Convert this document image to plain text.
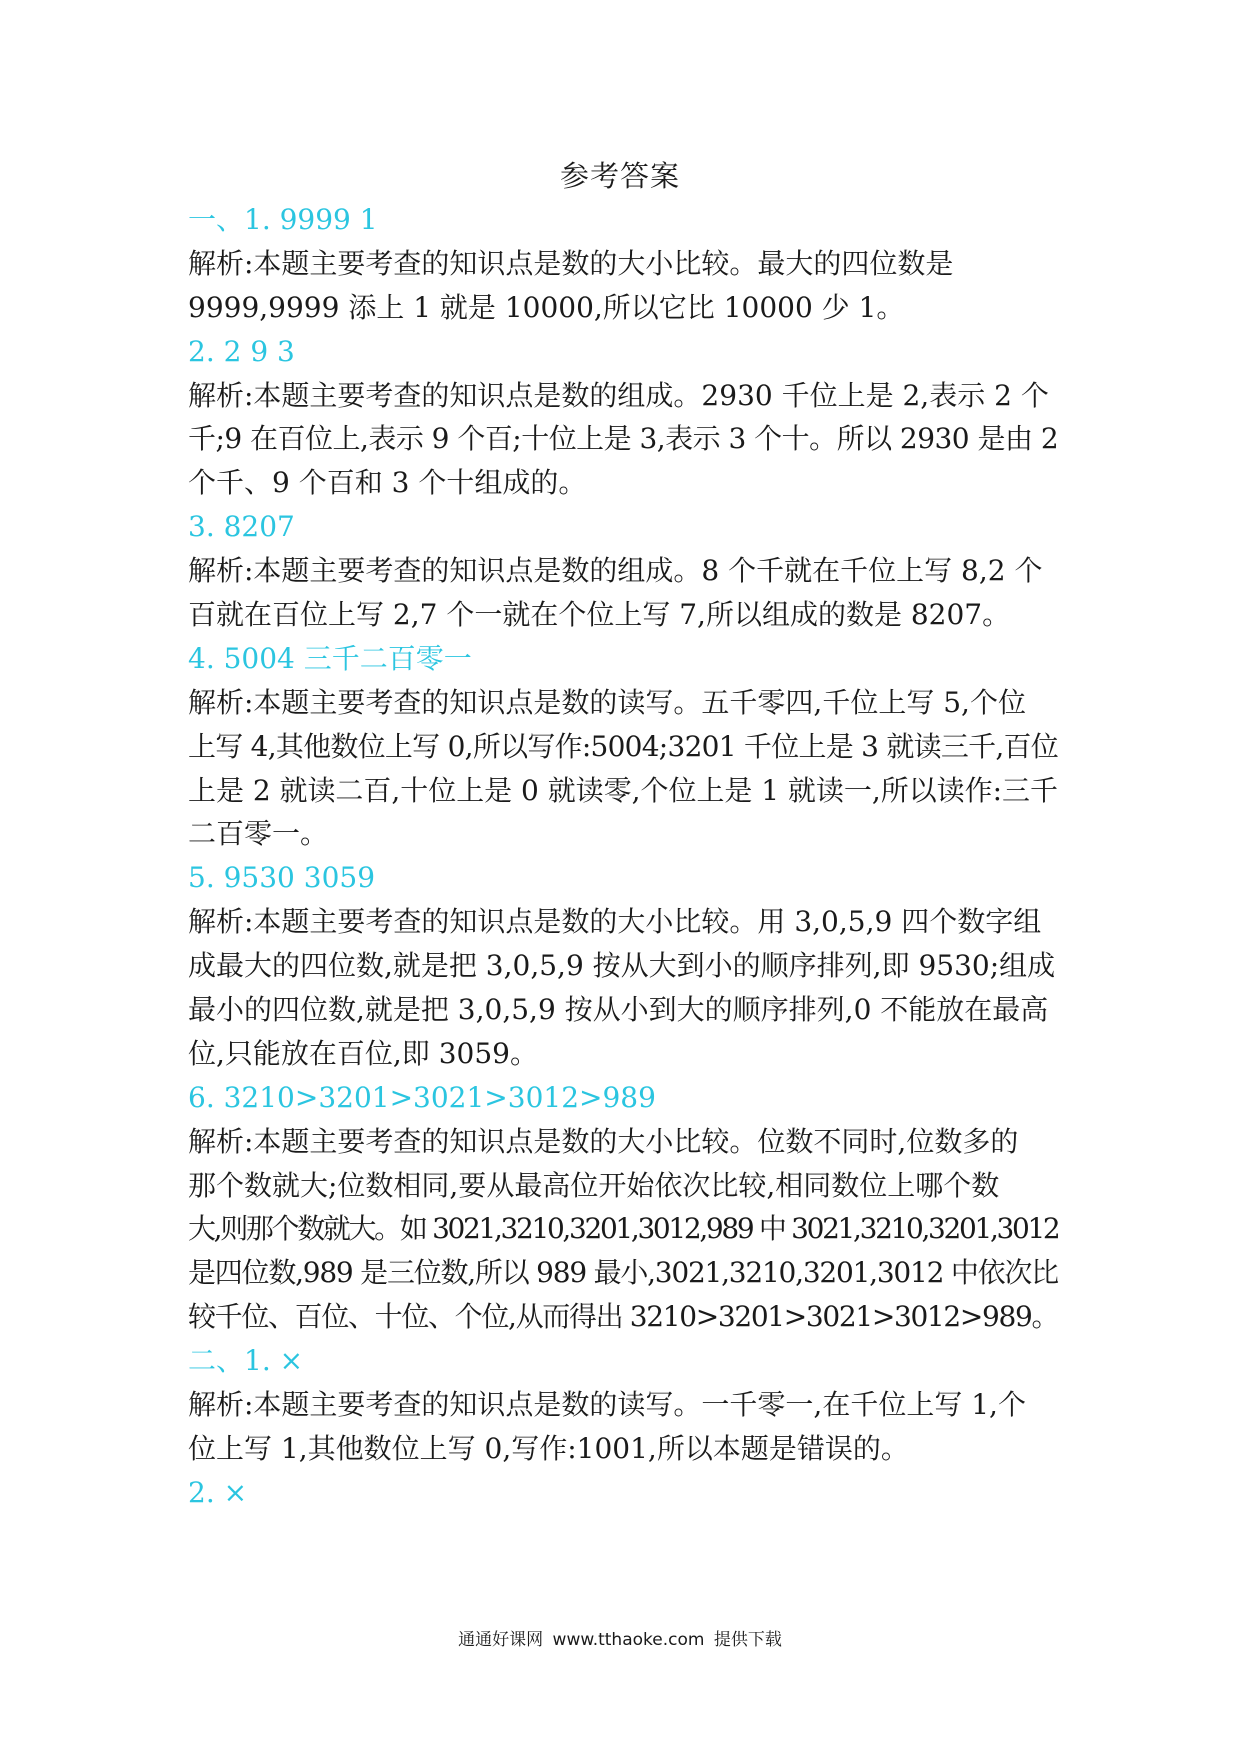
参考答案
一、1. 9999 1
解析:本题主要考查的知识点是数的大小比较。最大的四位数是
9999,9999 添上 1 就是 10000,所以它比 10000 少 1。
2. 2 9 3
解析:本题主要考查的知识点是数的组成。2930 千位上是 2,表示 2 个
千;9 在百位上,表示 9 个百;十位上是 3,表示 3 个十。所以 2930 是由 2
个千、9 个百和 3 个十组成的。
3. 8207
解析:本题主要考查的知识点是数的组成。8 个千就在千位上写 8,2 个
百就在百位上写 2,7 个一就在个位上写 7,所以组成的数是 8207。
4. 5004 三千二百零一
解析:本题主要考查的知识点是数的读写。五千零四,千位上写 5,个位
上写 4,其他数位上写 0,所以写作:5004;3201 千位上是 3 就读三千,百位
上是 2 就读二百,十位上是 0 就读零,个位上是 1 就读一,所以读作:三千
二百零一。
5. 9530 3059
解析:本题主要考查的知识点是数的大小比较。用 3,0,5,9 四个数字组
成最大的四位数,就是把 3,0,5,9 按从大到小的顺序排列,即 9530;组成
最小的四位数,就是把 3,0,5,9 按从小到大的顺序排列,0 不能放在最高
位,只能放在百位,即 3059。
6. 3210>3201>3021>3012>989
解析:本题主要考查的知识点是数的大小比较。位数不同时,位数多的
那个数就大;位数相同,要从最高位开始依次比较,相同数位上哪个数
大,则那个数就大。如 3021,3210,3201,3012,989 中 3021,3210,3201,3012
是四位数,989 是三位数,所以 989 最小,3021,3210,3201,3012 中依次比
较千位、百位、十位、个位,从而得出 3210>3201>3021>3012>989。
二、1. ×
解析:本题主要考查的知识点是数的读写。一千零一,在千位上写 1,个
位上写 1,其他数位上写 0,写作:1001,所以本题是错误的。
2. ×
通通好课网 www.tthaoke.com 提供下载
